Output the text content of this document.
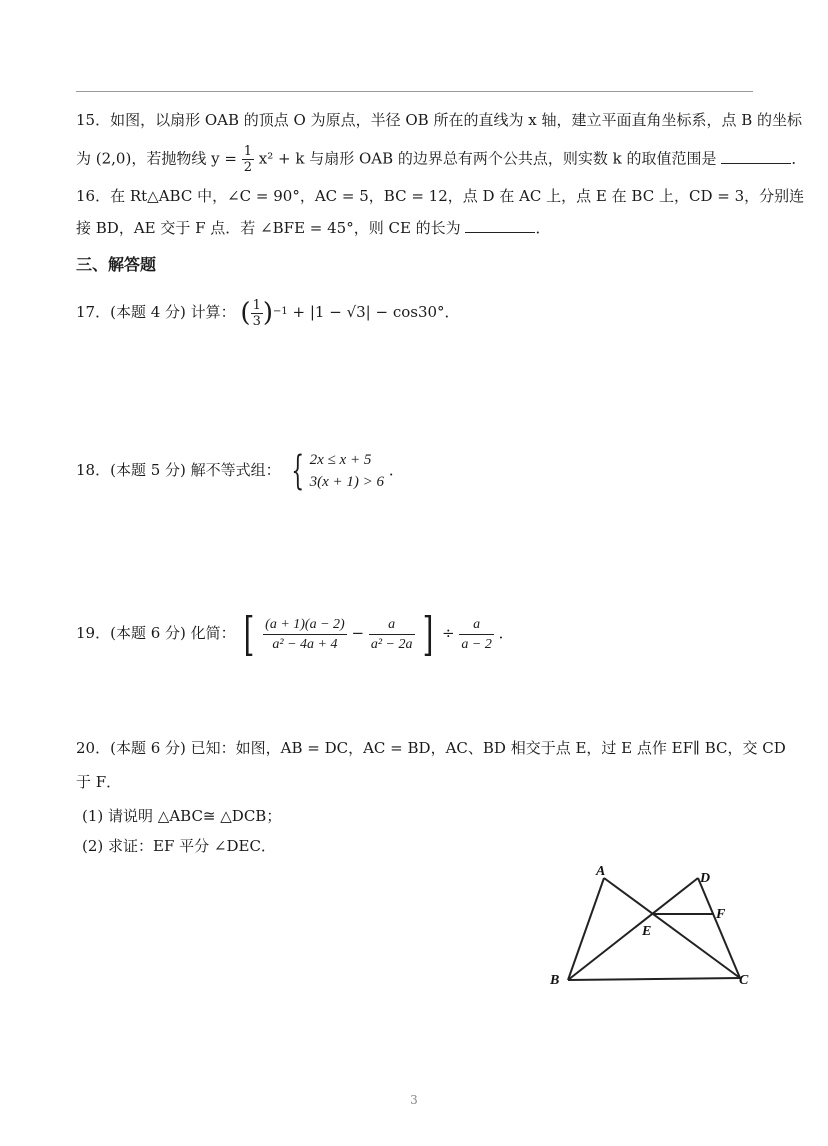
15．如图，以扇形 OAB 的顶点 O 为原点，半径 OB 所在的直线为 x 轴，建立平面直角坐标系，点 B 的坐标
为 (2,0)，若抛物线 $y = \frac{1}{2} x^2 + k$ 与扇形 OAB 的边界总有两个公共点，则实数 k 的取值范围是	．
16．在 Rt△ABC 中，∠C = 90°，AC = 5，BC = 12，点 D 在 AC 上，点 E 在 BC 上，CD = 3，分别连
接 BD，AE 交于 F 点．若 ∠BFE = 45°，则 CE 的长为	．
三、解答题
17．(本题 4 分) 计算： ( $\frac{1}{3} )^{-1} + |1 - √3| - \cos 30^\circ$．
18．(本题 5 分) 解不等式组： { 2x ≤ x + 5
3(x + 1) > 6
．
19．(本题 6 分) 化简： [ $\frac{(a + 1)(a - 2)}{\text{a² − 4a + 4}} - \frac{a}{\text{a² − 2a}}$ ] ÷ $\frac{a}{a - 2}$ ．
20．(本题 6 分) 已知：如图，AB = DC，AC = BD，AC、BD 相交于点 E，过 E 点作 EF∥ BC，交 CD
于 F．
(1) 请说明 △ABC≅ △DCB；
(2) 求证：EF 平分 ∠DEC．
A
B	C
D
E
F
3
